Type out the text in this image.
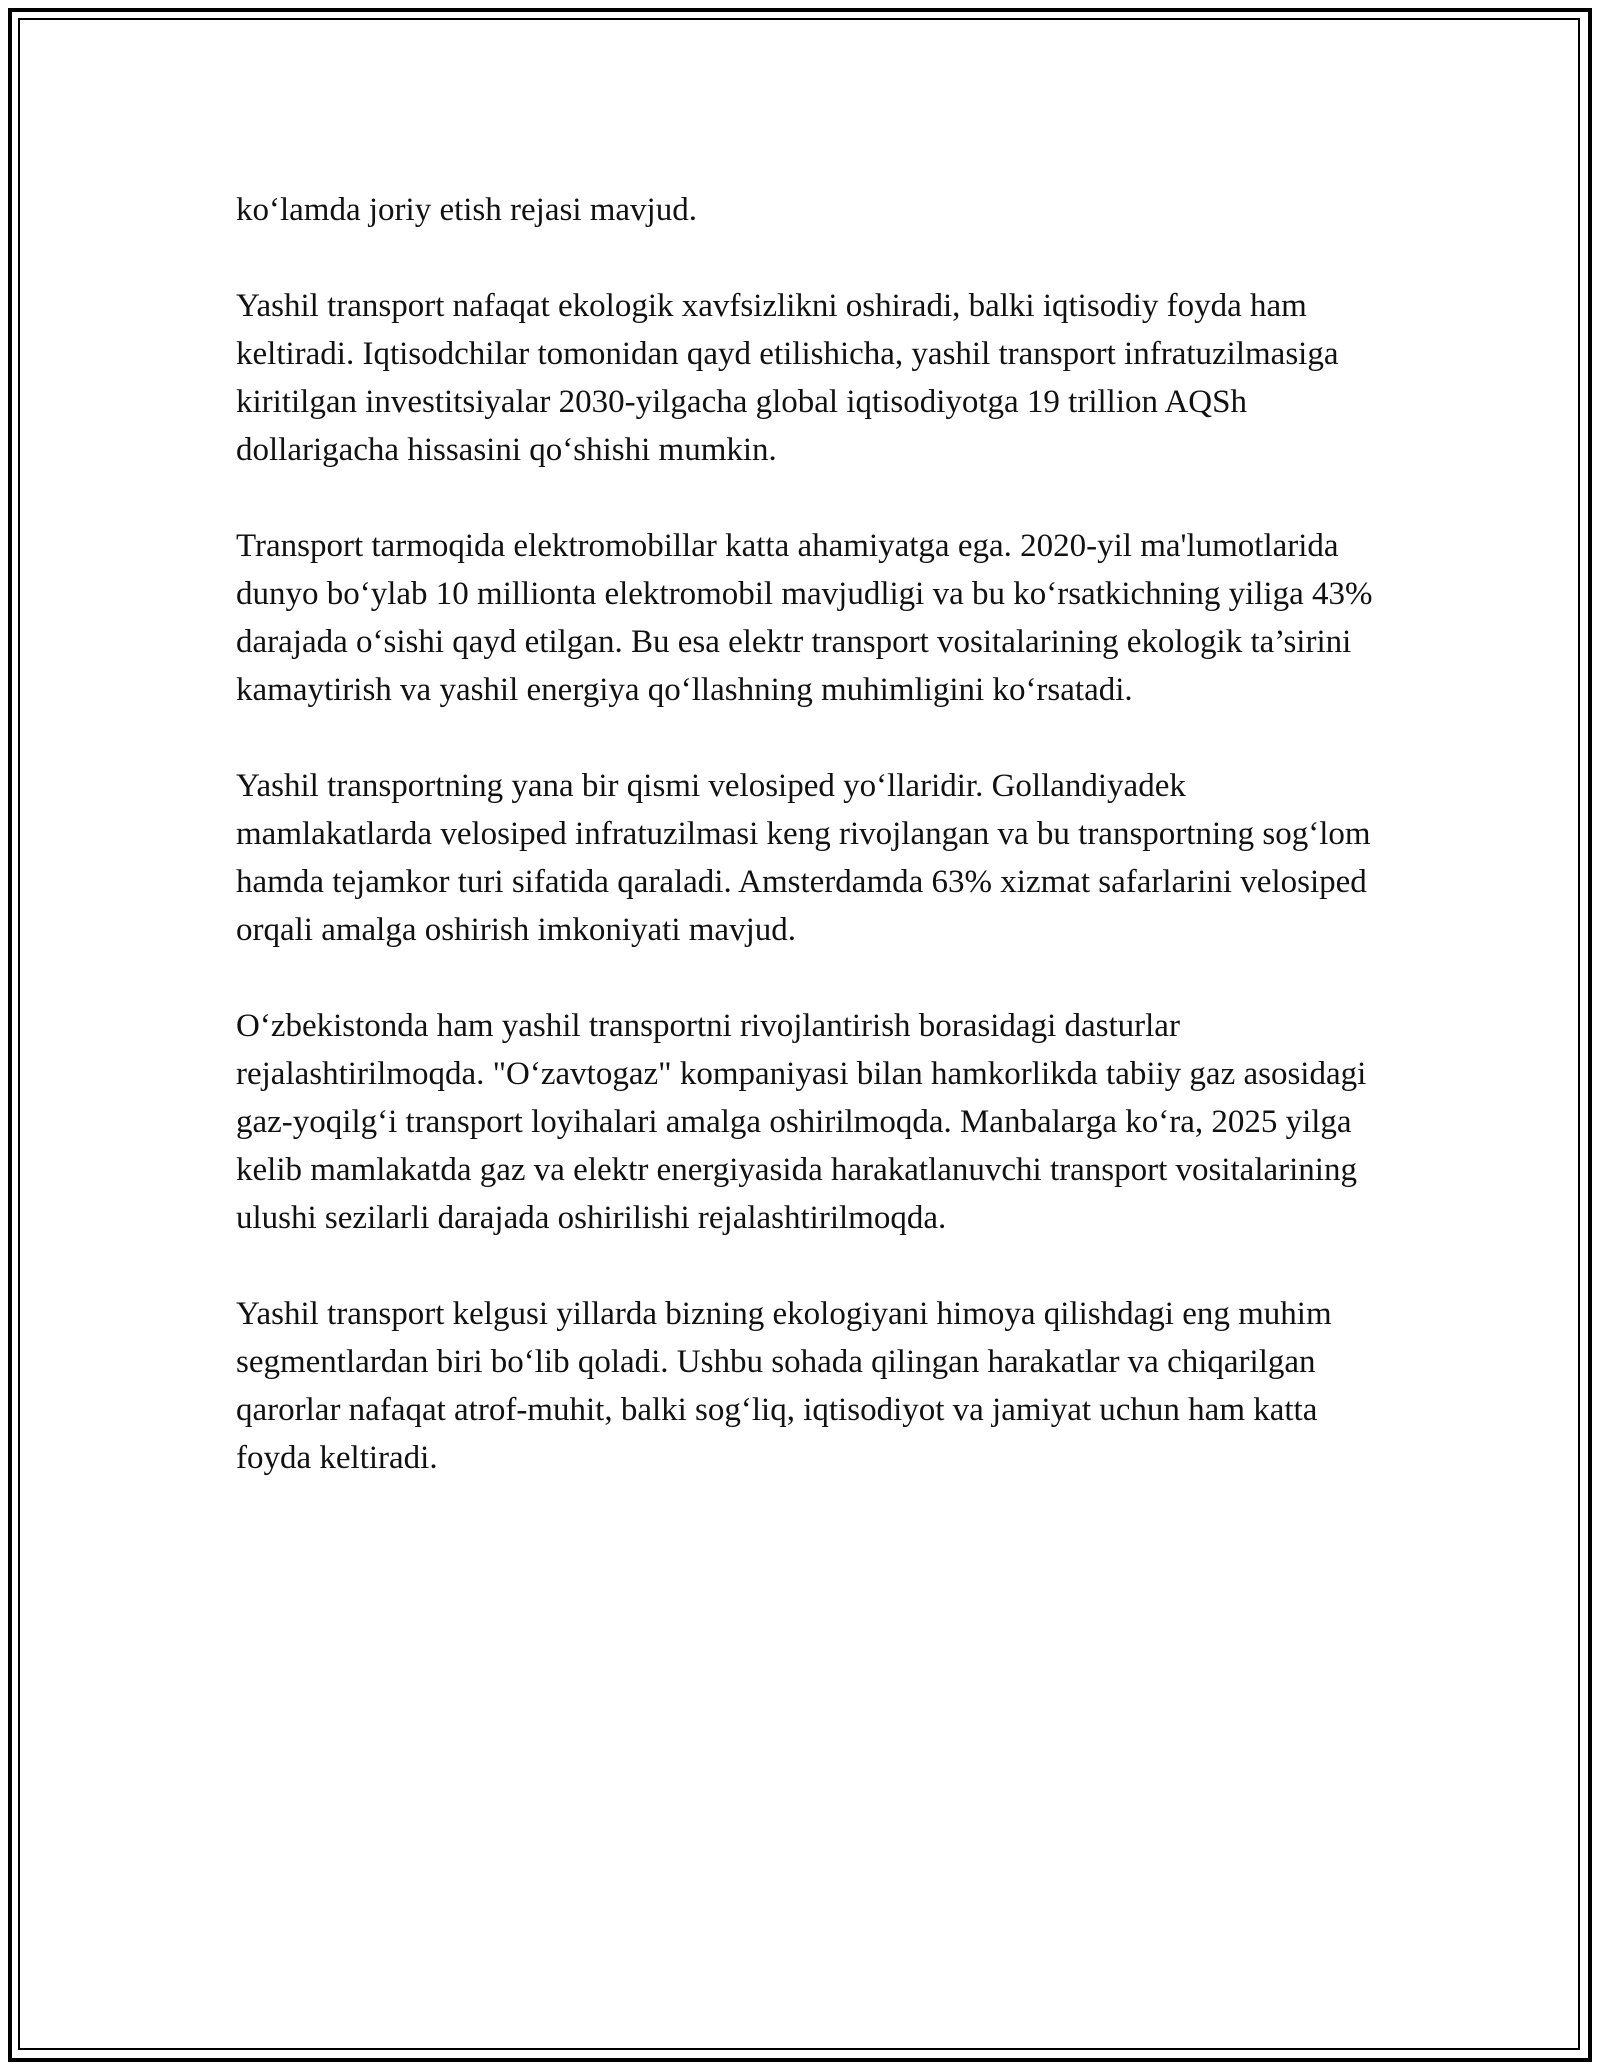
ko‘lamda joriy etish rejasi mavjud.

Yashil transport nafaqat ekologik xavfsizlikni oshiradi, balki iqtisodiy foyda ham keltiradi. Iqtisodchilar tomonidan qayd etilishicha, yashil transport infratuzilmasiga kiritilgan investitsiyalar 2030-yilgacha global iqtisodiyotga 19 trillion AQSh dollarigacha hissasini qo‘shishi mumkin.

Transport tarmoqida elektromobillar katta ahamiyatga ega. 2020-yil ma'lumotlarida dunyo bo‘ylab 10 millionta elektromobil mavjudligi va bu ko‘rsatkichning yiliga 43% darajada o‘sishi qayd etilgan. Bu esa elektr transport vositalarining ekologik ta’sirini kamaytirish va yashil energiya qo‘llashning muhimligini ko‘rsatadi.

Yashil transportning yana bir qismi velosiped yo‘llaridir. Gollandiyadek mamlakatlarda velosiped infratuzilmasi keng rivojlangan va bu transportning sog‘lom hamda tejamkor turi sifatida qaraladi. Amsterdamda 63% xizmat safarlarini velosiped orqali amalga oshirish imkoniyati mavjud.

O‘zbekistonda ham yashil transportni rivojlantirish borasidagi dasturlar rejalashtirilmoqda. "O‘zavtogaz" kompaniyasi bilan hamkorlikda tabiiy gaz asosidagi gaz-yoqilg‘i transport loyihalari amalga oshirilmoqda. Manbalarga ko‘ra, 2025 yilga kelib mamlakatda gaz va elektr energiyasida harakatlanuvchi transport vositalarining ulushi sezilarli darajada oshirilishi rejalashtirilmoqda.

Yashil transport kelgusi yillarda bizning ekologiyani himoya qilishdagi eng muhim segmentlardan biri bo‘lib qoladi. Ushbu sohada qilingan harakatlar va chiqarilgan qarorlar nafaqat atrof-muhit, balki sog‘liq, iqtisodiyot va jamiyat uchun ham katta foyda keltiradi.
